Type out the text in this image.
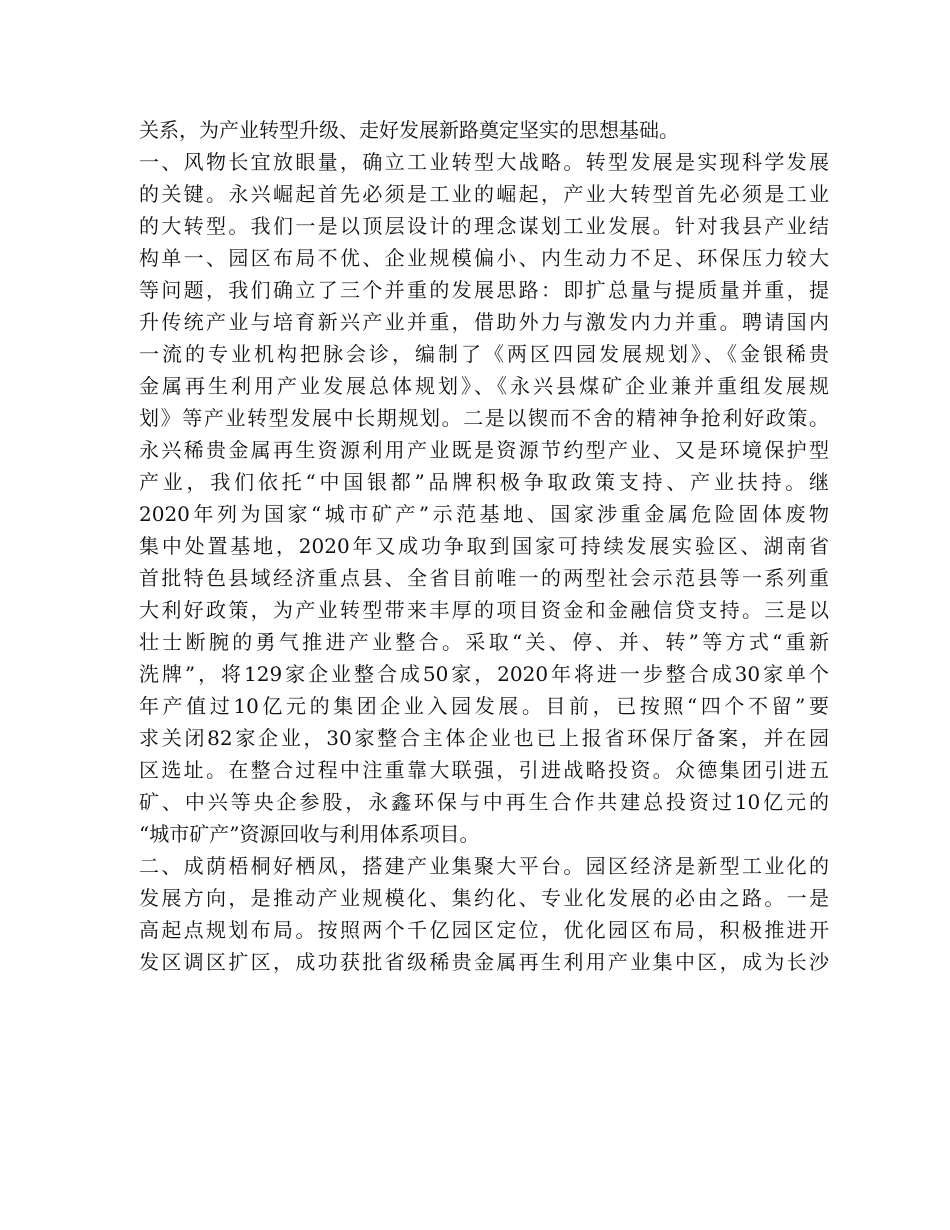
关系，为产业转型升级、走好发展新路奠定坚实的思想基础。
一、风物长宜放眼量，确立工业转型大战略。转型发展是实现科学发展
的关键。永兴崛起首先必须是工业的崛起，产业大转型首先必须是工业
的大转型。我们一是以顶层设计的理念谋划工业发展。针对我县产业结
构单一、园区布局不优、企业规模偏小、内生动力不足、环保压力较大
等问题，我们确立了三个并重的发展思路：即扩总量与提质量并重，提
升传统产业与培育新兴产业并重，借助外力与激发内力并重。聘请国内
一流的专业机构把脉会诊，编制了《两区四园发展规划》、《金银稀贵
金属再生利用产业发展总体规划》、《永兴县煤矿企业兼并重组发展规
划》等产业转型发展中长期规划。二是以锲而不舍的精神争抢利好政策。
永兴稀贵金属再生资源利用产业既是资源节约型产业、又是环境保护型
产业，我们依托“中国银都”品牌积极争取政策支持、产业扶持。继
2020年列为国家“城市矿产”示范基地、国家涉重金属危险固体废物
集中处置基地，2020年又成功争取到国家可持续发展实验区、湖南省
首批特色县域经济重点县、全省目前唯一的两型社会示范县等一系列重
大利好政策，为产业转型带来丰厚的项目资金和金融信贷支持。三是以
壮士断腕的勇气推进产业整合。采取“关、停、并、转”等方式“重新
洗牌”，将129家企业整合成50家，2020年将进一步整合成30家单个
年产值过10亿元的集团企业入园发展。目前，已按照“四个不留”要
求关闭82家企业，30家整合主体企业也已上报省环保厅备案，并在园
区选址。在整合过程中注重靠大联强，引进战略投资。众德集团引进五
矿、中兴等央企参股，永鑫环保与中再生合作共建总投资过10亿元的
“城市矿产”资源回收与利用体系项目。
二、成荫梧桐好栖凤，搭建产业集聚大平台。园区经济是新型工业化的
发展方向，是推动产业规模化、集约化、专业化发展的必由之路。一是
高起点规划布局。按照两个千亿园区定位，优化园区布局，积极推进开
发区调区扩区，成功获批省级稀贵金属再生利用产业集中区，成为长沙
